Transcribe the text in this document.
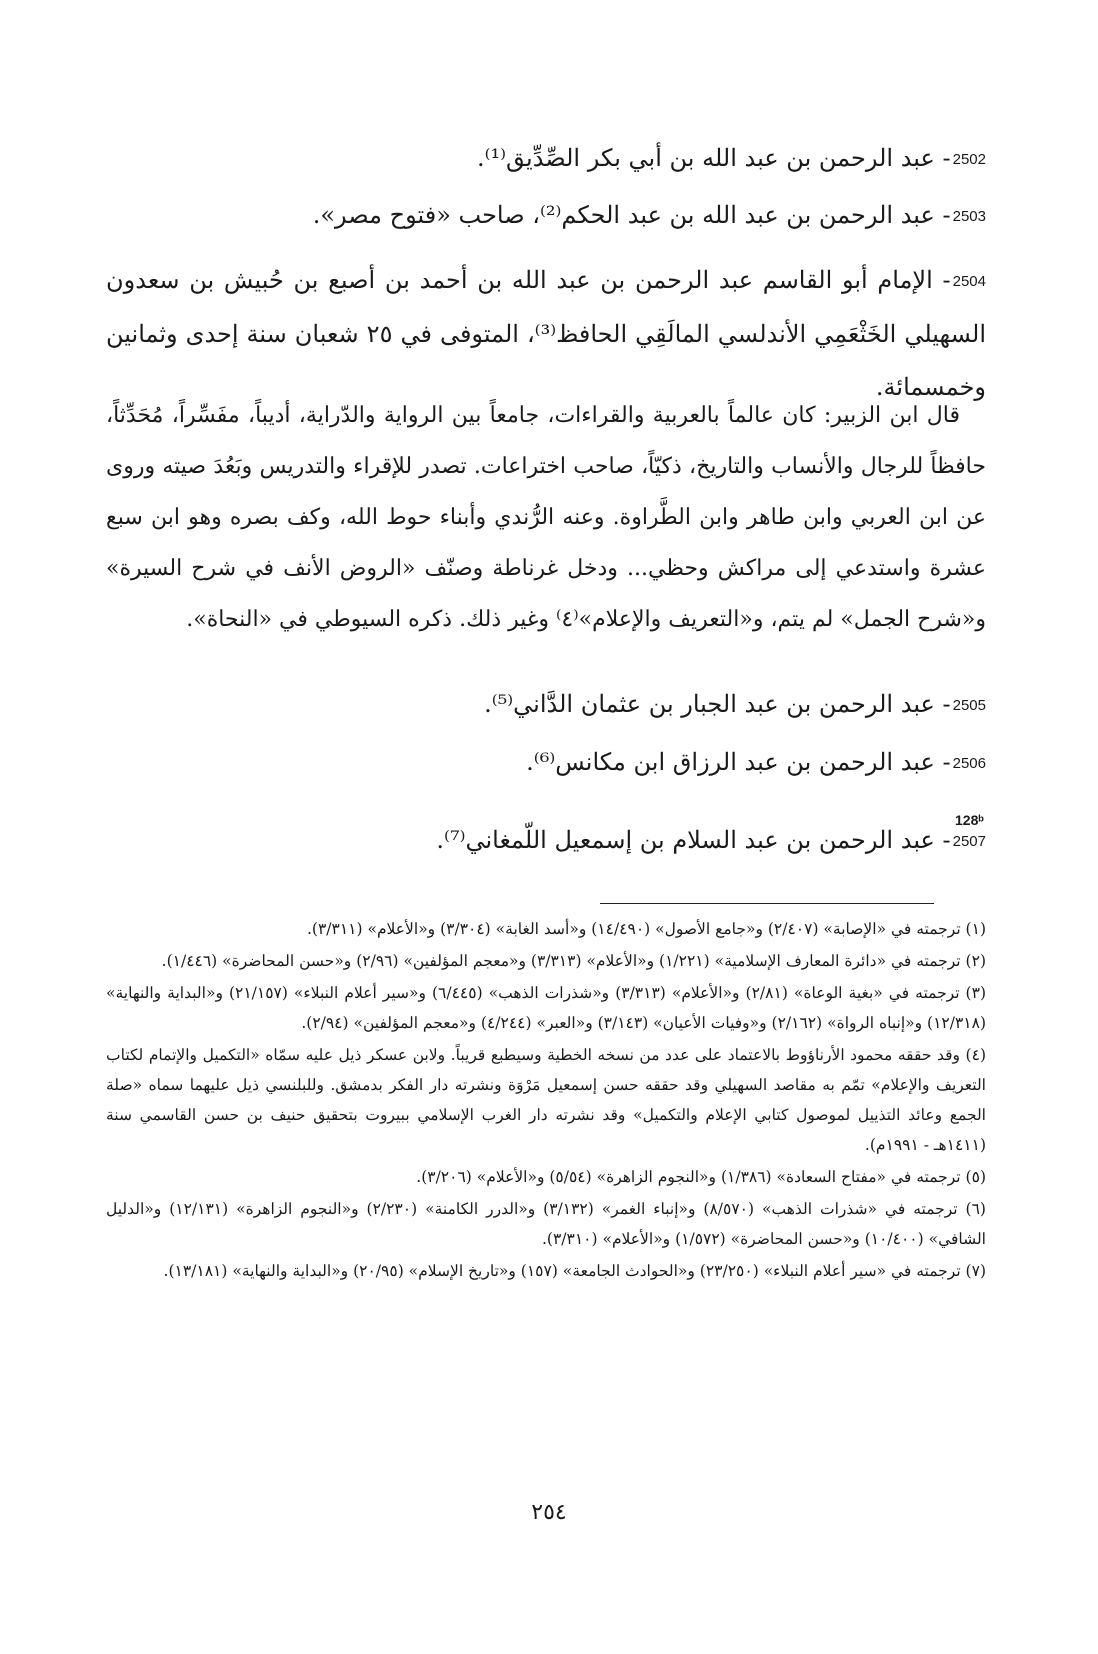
2502- عبد الرحمن بن عبد الله بن أبي بكر الصِّدِّيق⁽¹⁾.
2503- عبد الرحمن بن عبد الله بن عبد الحكم⁽²⁾، صاحب «فتوح مصر».
2504- الإمام أبو القاسم عبد الرحمن بن عبد الله بن أحمد بن أصبع بن حُبيش بن سعدون السهيلي الخَثْعَمِي الأندلسي المالَقِي الحافظ⁽³⁾، المتوفى في ٢٥ شعبان سنة إحدى وثمانين وخمسمائة.
قال ابن الزبير: كان عالماً بالعربية والقراءات، جامعاً بين الرواية والدّراية، أديباً، مفَسِّراً، مُحَدِّثاً، حافظاً للرجال والأنساب والتاريخ، ذكيّاً، صاحب اختراعات. تصدر للإقراء والتدريس وبَعُدَ صيته وروى عن ابن العربي وابن طاهر وابن الطَّراوة. وعنه الرُّندي وأبناء حوط الله، وكف بصره وهو ابن سبع عشرة واستدعي إلى مراكش وحظي... ودخل غرناطة وصنّف «الروض الأنف في شرح السيرة» و«شرح الجمل» لم يتم، و«التعريف والإعلام»⁽٤⁾ وغير ذلك. ذكره السيوطي في «النحاة».
2505- عبد الرحمن بن عبد الجبار بن عثمان الدَّاني⁽⁵⁾.
2506- عبد الرحمن بن عبد الرزاق ابن مكانس⁽⁶⁾.
128ᵇ
2507- عبد الرحمن بن عبد السلام بن إسمعيل اللّمغاني⁽⁷⁾.

(١) ترجمته في «الإصابة» (٢/٤٠٧) و«جامع الأصول» (١٤/٤٩٠) و«أسد الغابة» (٣/٣٠٤) و«الأعلام» (٣/٣١١).

(٢) ترجمته في «دائرة المعارف الإسلامية» (١/٢٢١) و«الأعلام» (٣/٣١٣) و«معجم المؤلفين» (٢/٩٦) و«حسن المحاضرة» (١/٤٤٦).

(٣) ترجمته في «بغية الوعاة» (٢/٨١) و«الأعلام» (٣/٣١٣) و«شذرات الذهب» (٦/٤٤٥) و«سير أعلام النبلاء» (٢١/١٥٧) و«البداية والنهاية» (١٢/٣١٨) و«إنباه الرواة» (٢/١٦٢) و«وفيات الأعيان» (٣/١٤٣) و«العبر» (٤/٢٤٤) و«معجم المؤلفين» (٢/٩٤).

(٤) وقد حققه محمود الأرناؤوط بالاعتماد على عدد من نسخه الخطية وسيطبع قريباً. ولابن عسكر ذيل عليه سمّاه «التكميل والإتمام لكتاب التعريف والإعلام» تمّم به مقاصد السهيلي وقد حققه حسن إسمعيل مَرْوَة ونشرته دار الفكر بدمشق. وللبلنسي ذيل عليهما سماه «صلة الجمع وعائد التذييل لموصول كتابي الإعلام والتكميل» وقد نشرته دار الغرب الإسلامي ببيروت بتحقيق حنيف بن حسن القاسمي سنة (١٤١١هـ - ١٩٩١م).

(٥) ترجمته في «مفتاح السعادة» (١/٣٨٦) و«النجوم الزاهرة» (٥/٥٤) و«الأعلام» (٣/٢٠٦).

(٦) ترجمته في «شذرات الذهب» (٨/٥٧٠) و«إنباء الغمر» (٣/١٣٢) و«الدرر الكامنة» (٢/٢٣٠) و«النجوم الزاهرة» (١٢/١٣١) و«الدليل الشافي» (١٠/٤٠٠) و«حسن المحاضرة» (١/٥٧٢) و«الأعلام» (٣/٣١٠).

(٧) ترجمته في «سير أعلام النبلاء» (٢٣/٢٥٠) و«الحوادث الجامعة» (١٥٧) و«تاريخ الإسلام» (٢٠/٩٥) و«البداية والنهاية» (١٣/١٨١).

٢٥٤
